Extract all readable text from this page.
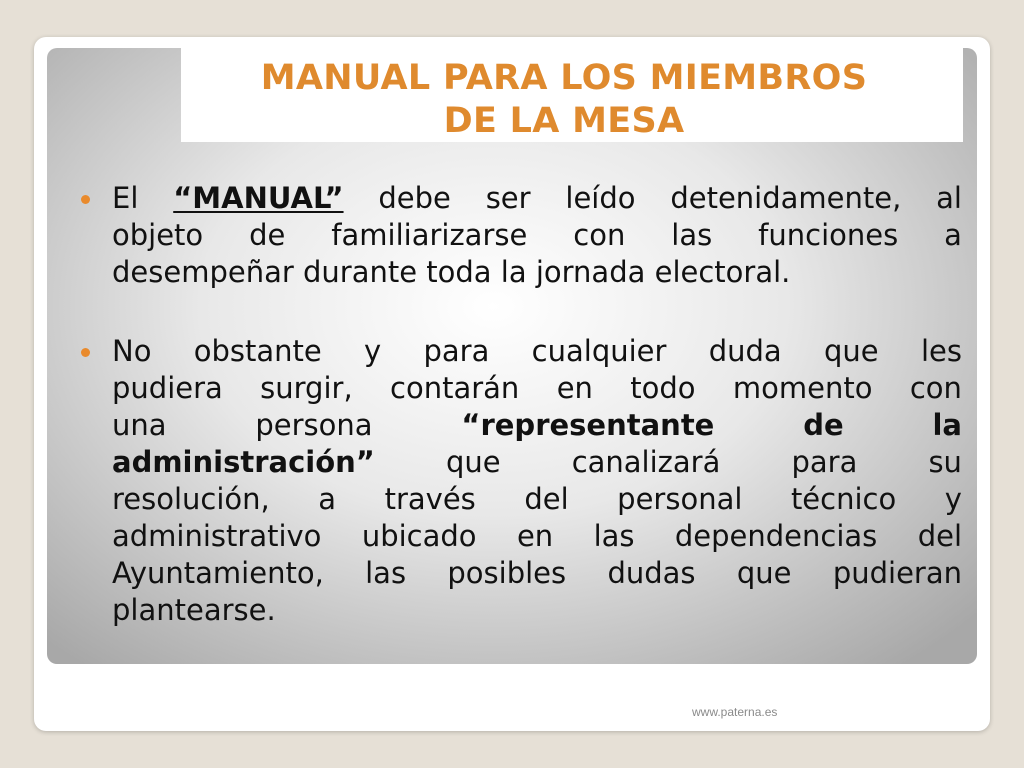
MANUAL PARA LOS MIEMBROS
DE LA MESA
El “MANUAL” debe ser leído detenidamente, al
objeto de familiarizarse con las funciones a
desempeñar durante toda la jornada electoral.
No obstante y para cualquier duda que les
pudiera surgir, contarán en todo momento con
una	persona	“representante	de	la
administración” que canalizará para su
resolución, a través del personal técnico y
administrativo ubicado en las dependencias del
Ayuntamiento, las posibles dudas que pudieran
plantearse.
www.paterna.es
